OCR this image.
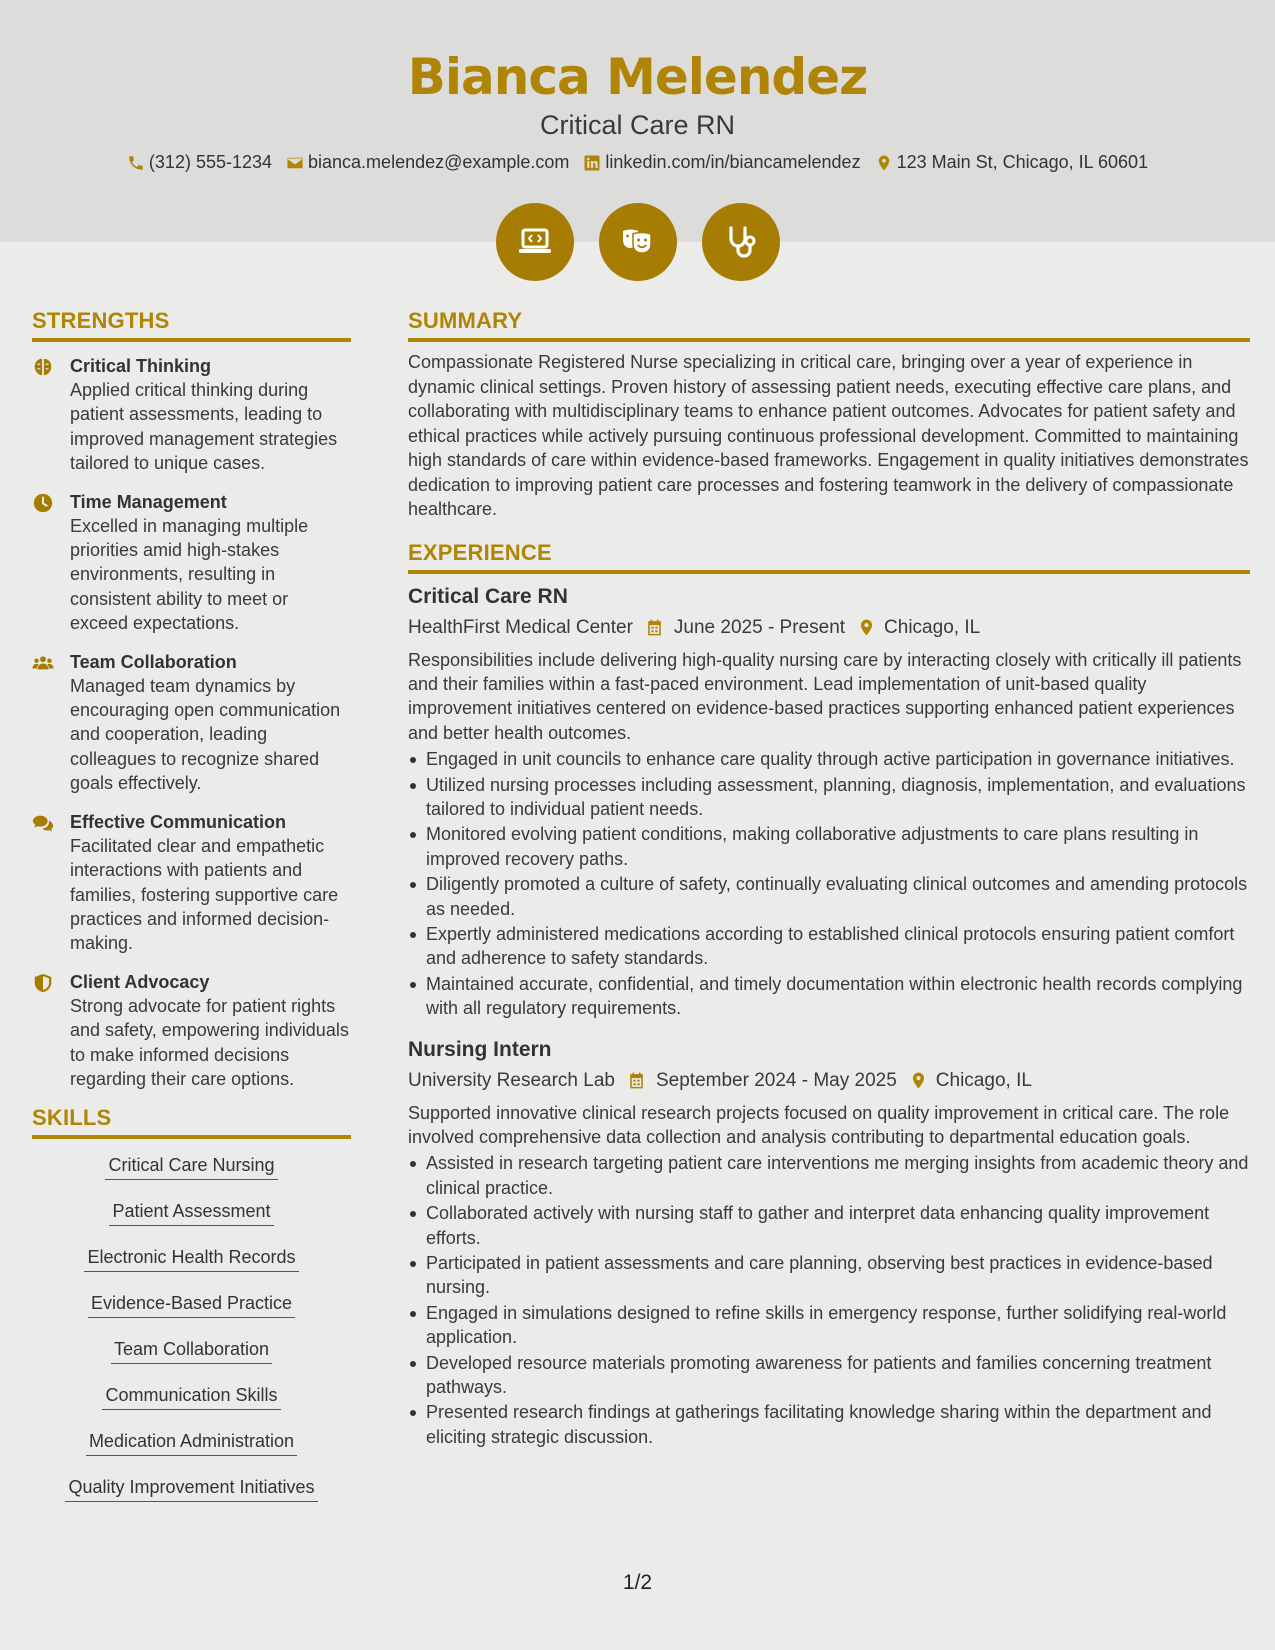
Bianca Melendez
Critical Care RN
(312) 555-1234 bianca.melendez@example.com linkedin.com/in/biancamelendez 123 Main St, Chicago, IL 60601
STRENGTHS
Critical Thinking

Applied critical thinking during patient assessments, leading to improved management strategies tailored to unique cases.

Time Management

Excelled in managing multiple priorities amid high-stakes environments, resulting in consistent ability to meet or exceed expectations.

Team Collaboration

Managed team dynamics by encouraging open communication and cooperation, leading colleagues to recognize shared goals effectively.

Effective Communication

Facilitated clear and empathetic interactions with patients and families, fostering supportive care practices and informed decision-making.

Client Advocacy

Strong advocate for patient rights and safety, empowering individuals to make informed decisions regarding their care options.

SKILLS
Critical Care Nursing
Patient Assessment
Electronic Health Records
Evidence-Based Practice
Team Collaboration
Communication Skills
Medication Administration
Quality Improvement Initiatives
SUMMARY

Compassionate Registered Nurse specializing in critical care, bringing over a year of experience in dynamic clinical settings. Proven history of assessing patient needs, executing effective care plans, and collaborating with multidisciplinary teams to enhance patient outcomes. Advocates for patient safety and ethical practices while actively pursuing continuous professional development. Committed to maintaining high standards of care within evidence-based frameworks. Engagement in quality initiatives demonstrates dedication to improving patient care processes and fostering teamwork in the delivery of compassionate healthcare.

EXPERIENCE
Critical Care RN
HealthFirst Medical Center June 2025 - Present Chicago, IL

Responsibilities include delivering high-quality nursing care by interacting closely with critically ill patients and their families within a fast-paced environment. Lead implementation of unit-based quality improvement initiatives centered on evidence-based practices supporting enhanced patient experiences and better health outcomes.

Engaged in unit councils to enhance care quality through active participation in governance initiatives.
Utilized nursing processes including assessment, planning, diagnosis, implementation, and evaluations tailored to individual patient needs.
Monitored evolving patient conditions, making collaborative adjustments to care plans resulting in improved recovery paths.
Diligently promoted a culture of safety, continually evaluating clinical outcomes and amending protocols as needed.
Expertly administered medications according to established clinical protocols ensuring patient comfort and adherence to safety standards.
Maintained accurate, confidential, and timely documentation within electronic health records complying with all regulatory requirements.
Nursing Intern
University Research Lab September 2024 - May 2025 Chicago, IL

Supported innovative clinical research projects focused on quality improvement in critical care. The role involved comprehensive data collection and analysis contributing to departmental education goals.

Assisted in research targeting patient care interventions me merging insights from academic theory and clinical practice.
Collaborated actively with nursing staff to gather and interpret data enhancing quality improvement efforts.
Participated in patient assessments and care planning, observing best practices in evidence-based nursing.
Engaged in simulations designed to refine skills in emergency response, further solidifying real-world application.
Developed resource materials promoting awareness for patients and families concerning treatment pathways.
Presented research findings at gatherings facilitating knowledge sharing within the department and eliciting strategic discussion.
1/2
